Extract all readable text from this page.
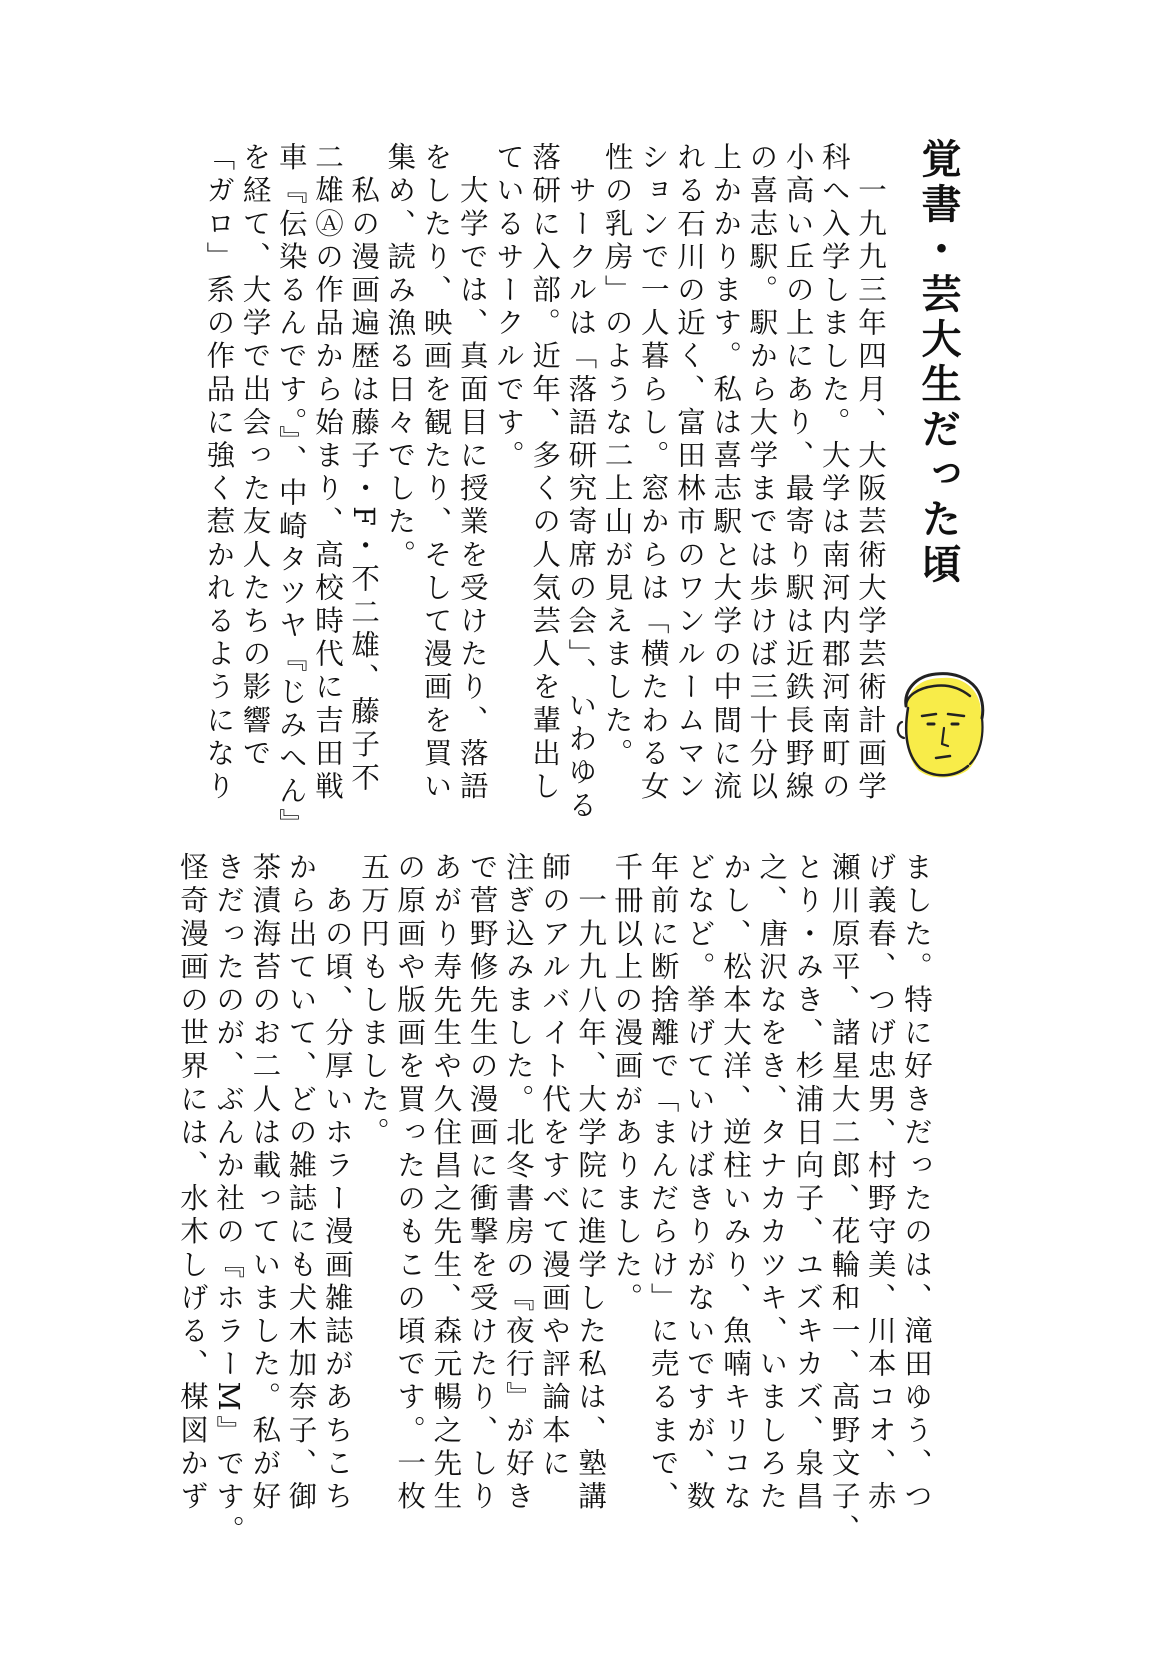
覚書・芸大生だった頃
　一九九三年四月、大阪芸術大学芸術計画学
科へ入学しました。大学は南河内郡河南町の
小高い丘の上にあり、最寄り駅は近鉄長野線
の喜志駅。駅から大学までは歩けば三十分以
上かかります。私は喜志駅と大学の中間に流
れる石川の近く、富田林市のワンルームマン
ションで一人暮らし。窓からは「横たわる女
性の乳房」のような二上山が見えました。
　サークルは「落語研究寄席の会」、いわゆる
落研に入部。近年、多くの人気芸人を輩出し
ているサークルです。
　大学では、真面目に授業を受けたり、落語
をしたり、映画を観たり、そして漫画を買い
集め、読み漁る日々でした。
　私の漫画遍歴は藤子・F・不二雄、藤子不
二雄Ⓐの作品から始まり、高校時代に吉田戦
車『伝染るんです。』、中崎タツヤ『じみへん』
を経て、大学で出会った友人たちの影響で
「ガロ」系の作品に強く惹かれるようになり
ました。特に好きだったのは、滝田ゆう、つ
げ義春、つげ忠男、村野守美、川本コオ、赤
瀬川原平、諸星大二郎、花輪和一、高野文子、
とり・みき、杉浦日向子、ユズキカズ、泉昌
之、唐沢なをき、タナカカツキ、いましろた
かし、松本大洋、逆柱いみり、魚喃キリコな
どなど。挙げていけばきりがないですが、数
年前に断捨離で「まんだらけ」に売るまで、
千冊以上の漫画がありました。
　一九九八年、大学院に進学した私は、塾講
師のアルバイト代をすべて漫画や評論本に
注ぎ込みました。北冬書房の『夜行』が好き
で菅野修先生の漫画に衝撃を受けたり、しり
あがり寿先生や久住昌之先生、森元暢之先生
の原画や版画を買ったのもこの頃です。一枚
五万円もしました。
　あの頃、分厚いホラー漫画雑誌があちこち
から出ていて、どの雑誌にも犬木加奈子、御
茶漬海苔のお二人は載っていました。私が好
きだったのが、ぶんか社の『ホラーM』です。
怪奇漫画の世界には、水木しげる、楳図かず
